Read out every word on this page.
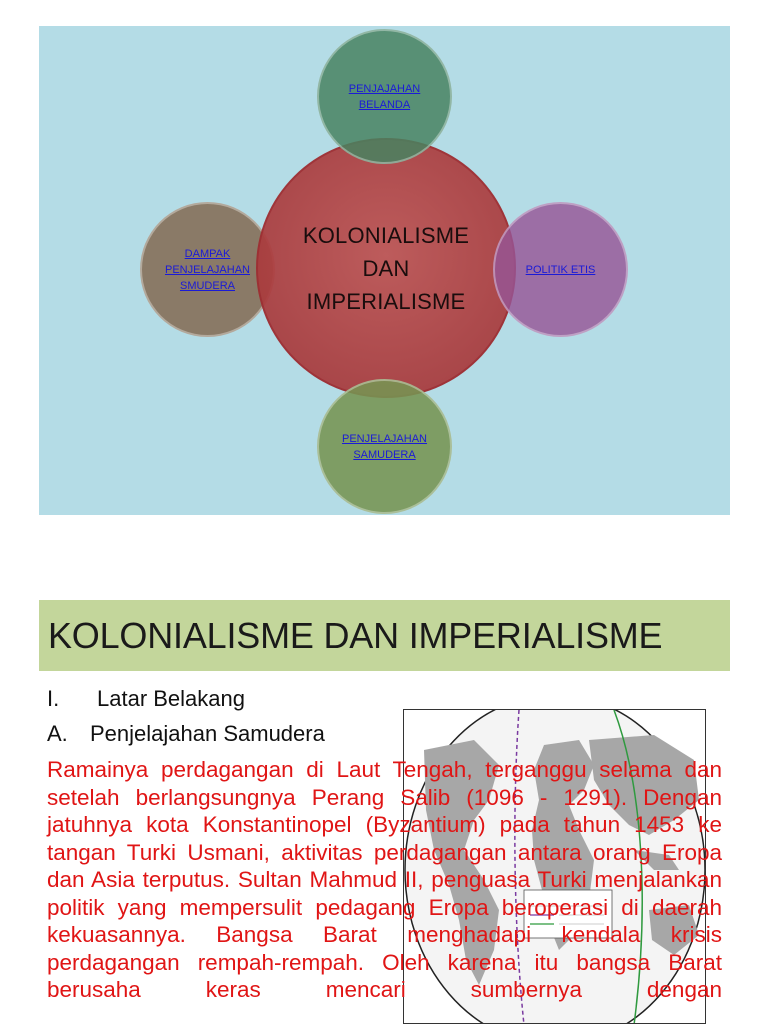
KOLONIALISME DAN IMPERIALISME
DAMPAK PENJELAJAHAN SMUDERA
PENJAJAHAN BELANDA
POLITIK ETIS
PENJELAJAHAN SAMUDERA
KOLONIALISME DAN IMPERIALISME
I. Latar Belakang
A. Penjelajahan Samudera
Ramainya perdagangan di Laut Tengah, terganggu selama dan setelah berlangsungnya Perang Salib (1096 - 1291). Dengan jatuhnya kota Konstantinopel (Byzantium) pada tahun 1453 ke tangan Turki Usmani, aktivitas perdagangan antara orang Eropa dan Asia terputus. Sultan Mahmud II, penguasa Turki menjalankan politik yang mempersulit pedagang Eropa beroperasi di daerah kekuasannya. Bangsa Barat menghadapi kendala krisis perdagangan rempah-rempah. Oleh karena itu bangsa Barat berusaha keras mencari sumbernya dengan
